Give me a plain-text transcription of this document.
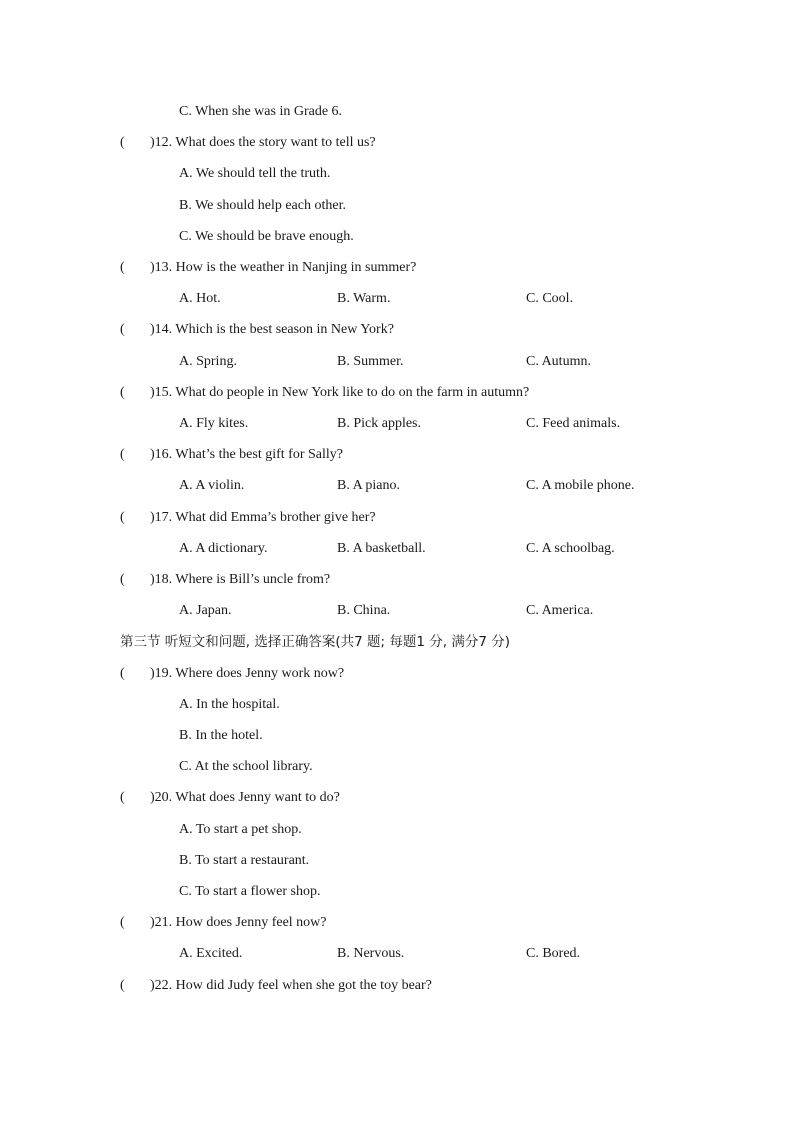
C. When she was in Grade 6.
( )12. What does the story want to tell us?
A. We should tell the truth.
B. We should help each other.
C. We should be brave enough.
( )13. How is the weather in Nanjing in summer?
A. Hot.	B. Warm.	C. Cool.
( )14. Which is the best season in New York?
A. Spring.	B. Summer.	C. Autumn.
( )15. What do people in New York like to do on the farm in autumn?
A. Fly kites.	B. Pick apples.	C. Feed animals.
( )16. What’s the best gift for Sally?
A. A violin.	B. A piano.	C. A mobile phone.
( )17. What did Emma’s brother give her?
A. A dictionary.	B. A basketball.	C. A schoolbag.
( )18. Where is Bill’s uncle from?
A. Japan.	B. China.	C. America.
第三节 听短文和问题, 选择正确答案(共7 题; 每题1 分, 满分7 分)
( )19. Where does Jenny work now?
A. In the hospital.
B. In the hotel.
C. At the school library.
( )20. What does Jenny want to do?
A. To start a pet shop.
B. To start a restaurant.
C. To start a flower shop.
( )21. How does Jenny feel now?
A. Excited.	B. Nervous.	C. Bored.
( )22. How did Judy feel when she got the toy bear?
